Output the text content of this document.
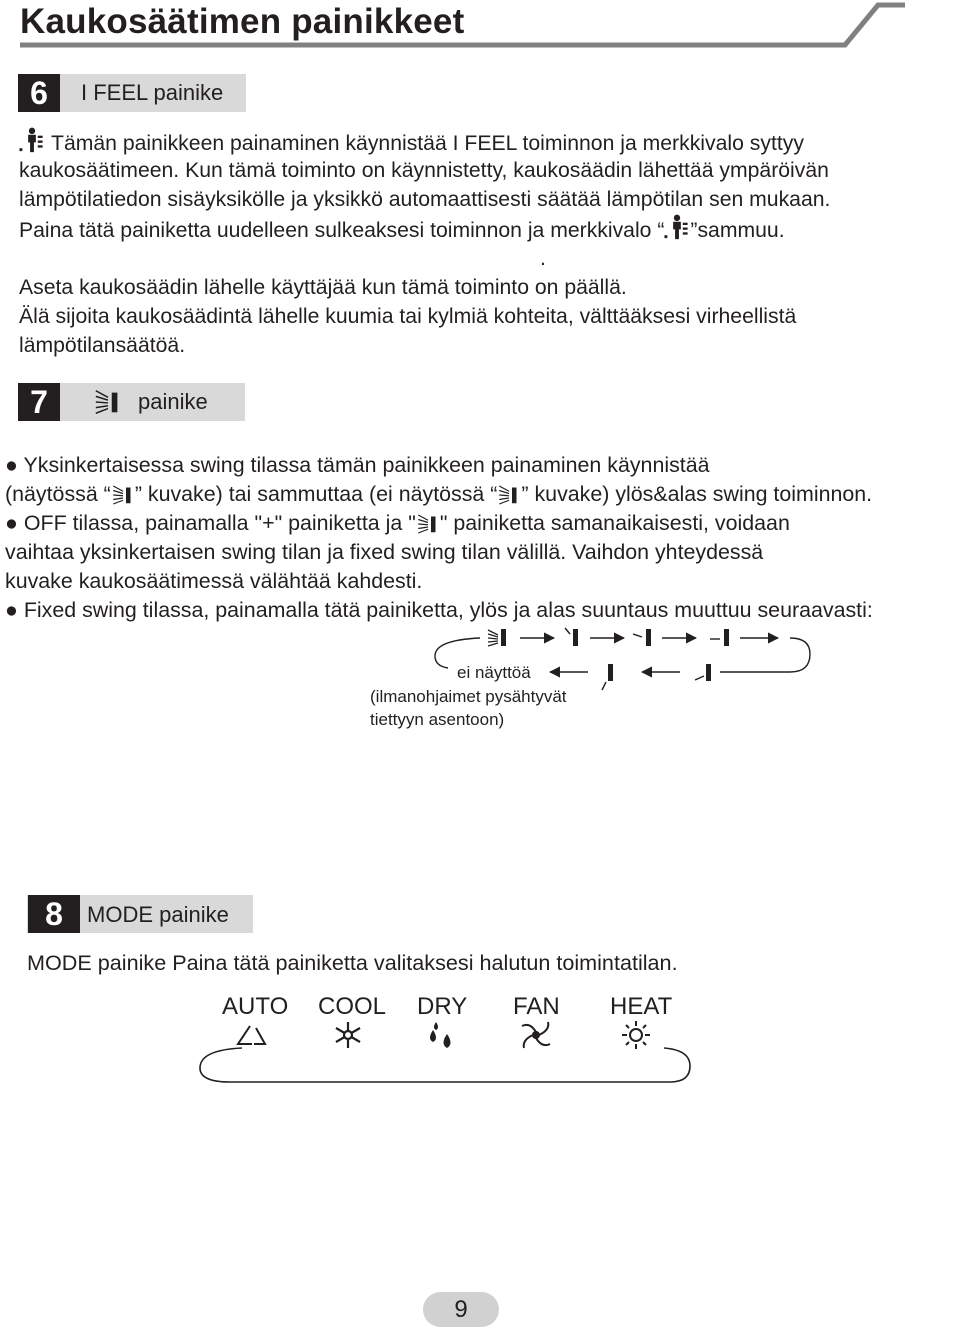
Kaukosäätimen painikkeet
6	I FEEL painike
Tämän painikkeen painaminen käynnistää I FEEL toiminnon ja merkkivalo syttyy
kaukosäätimeen. Kun tämä toiminto on käynnistetty, kaukosäädin lähettää ympäröivän
lämpötilatiedon sisäyksikölle ja yksikkö automaattisesti säätää lämpötilan sen mukaan.
Paina tätä painiketta uudelleen sulkeaksesi toiminnon ja merkkivalo “ ”sammuu.
.
Aseta kaukosäädin lähelle käyttäjää kun tämä toiminto on päällä.
Älä sijoita kaukosäädintä lähelle kuumia tai kylmiä kohteita, välttääksesi virheellistä
lämpötilansäätöä.
7	painike
● Yksinkertaisessa swing tilassa tämän painikkeen painaminen käynnistää
(näytössä “ ” kuvake) tai sammuttaa (ei näytössä “ ” kuvake) ylös&alas swing toiminnon.
● OFF tilassa, painamalla "+" painiketta ja " " painiketta samanaikaisesti, voidaan
vaihtaa yksinkertaisen swing tilan ja fixed swing tilan välillä. Vaihdon yhteydessä
kuvake kaukosäätimessä välähtää kahdesti.
● Fixed swing tilassa, painamalla tätä painiketta, ylös ja alas suuntaus muuttuu seuraavasti:
ei näyttöä
(ilmanohjaimet pysähtyvät
tiettyyn asentoon)
8	MODE painike
MODE painike Paina tätä painiketta valitaksesi halutun toimintatilan.
AUTO COOL DRY FAN HEAT
9
